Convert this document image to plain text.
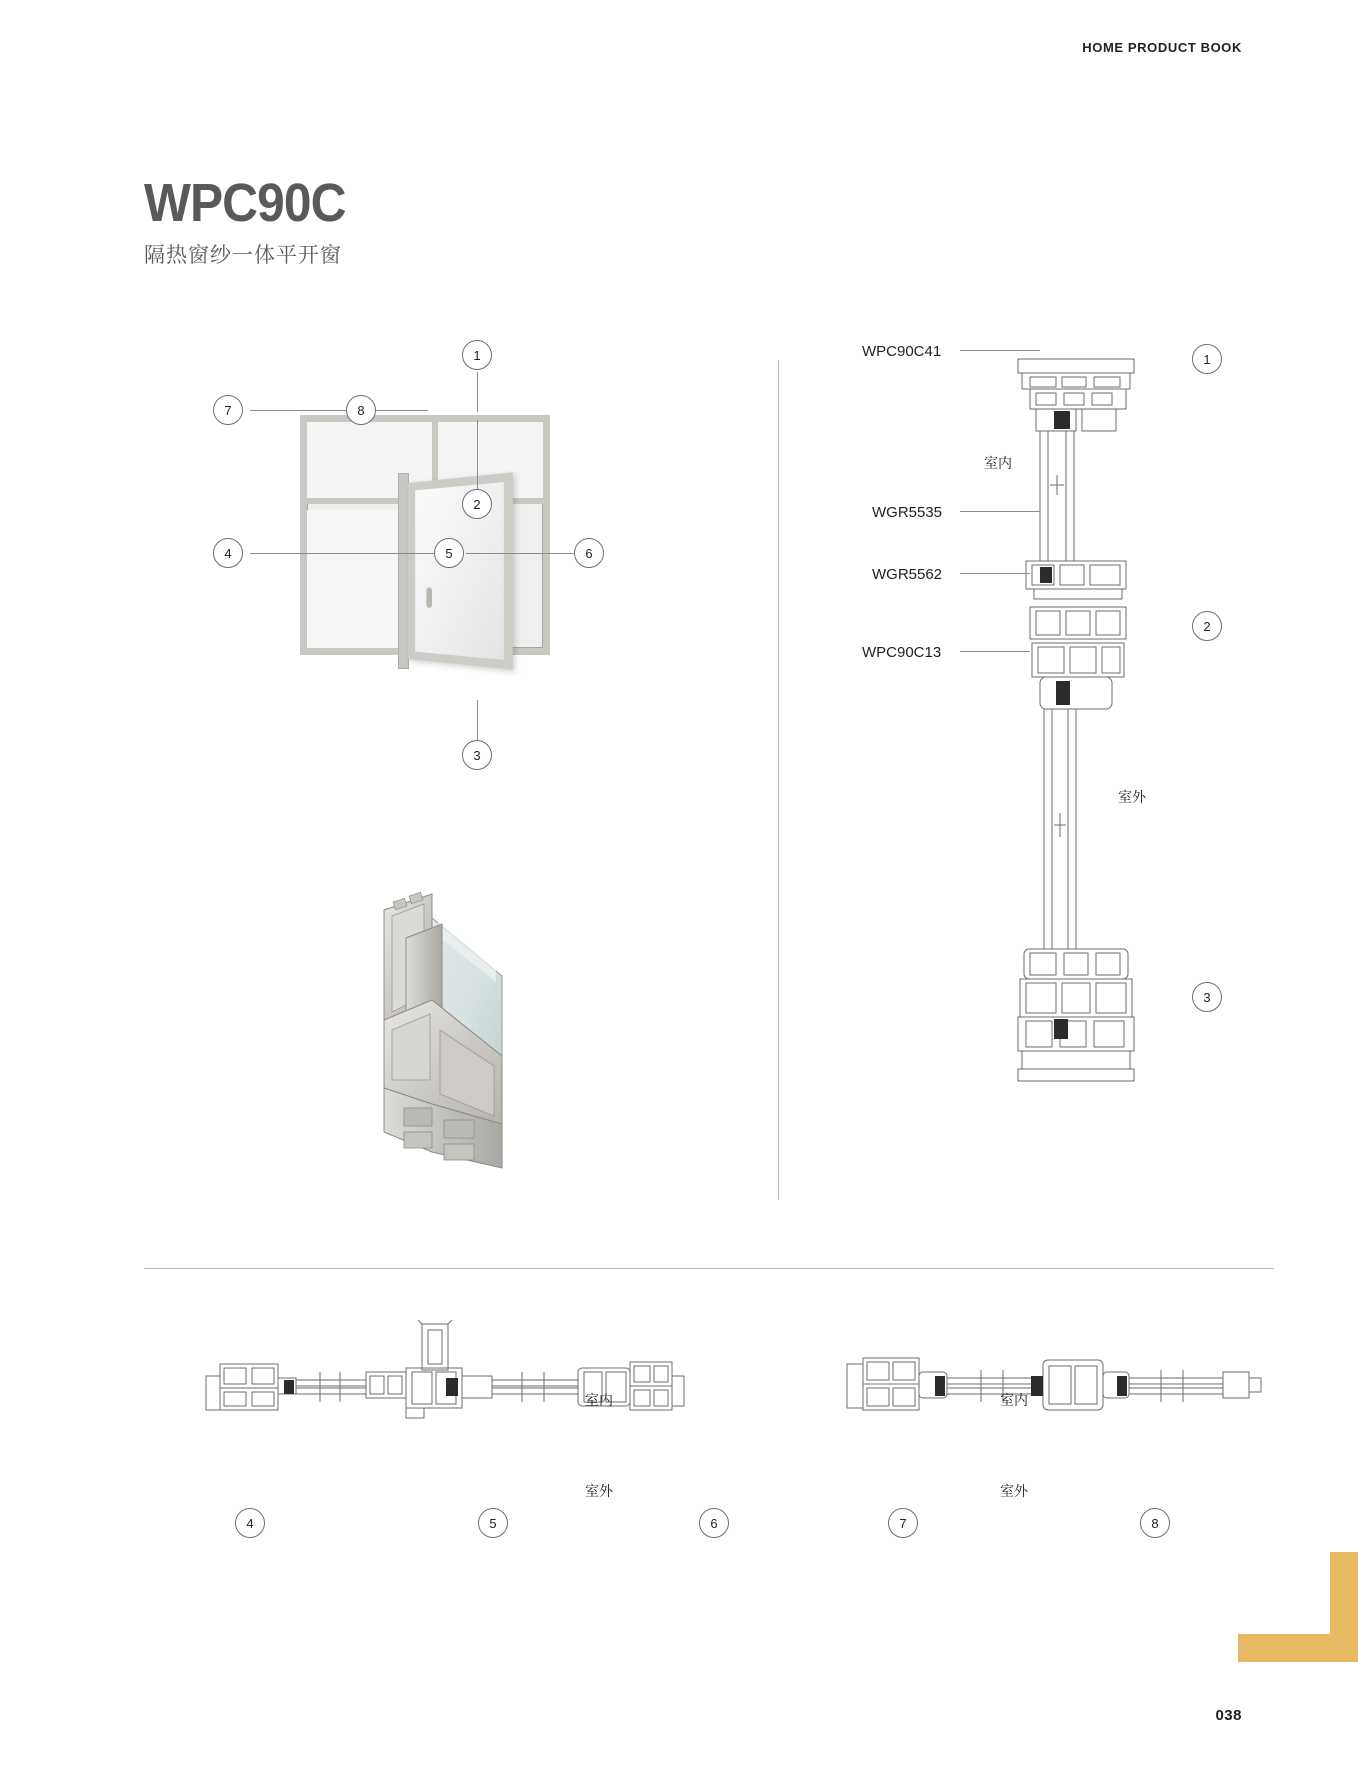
HOME PRODUCT BOOK
WPC90C
隔热窗纱一体平开窗
1
2
3
4	5	6
7	8
WPC90C41
WGR5535
WGR5562
WPC90C13
室内
室外
1
2
3
室内
室外
4	5	6
室内
室外
7	8
038
